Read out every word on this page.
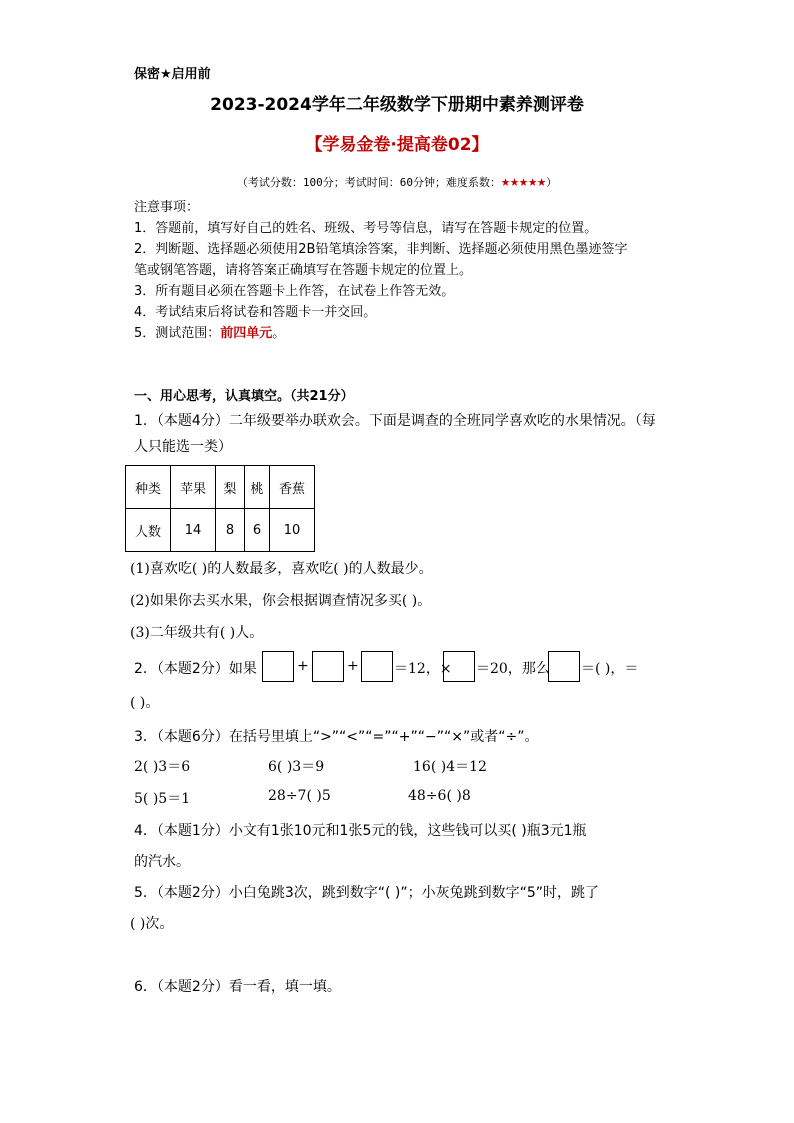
保密★启用前
2023-2024学年二年级数学下册期中素养测评卷
【学易金卷·提高卷02】
（考试分数：100分；考试时间：60分钟；难度系数：★★★★★）
注意事项：
1．答题前，填写好自己的姓名、班级、考号等信息，请写在答题卡规定的位置。
2．判断题、选择题必须使用2B铅笔填涂答案，非判断、选择题必须使用黑色墨迹签字
笔或钢笔答题，请将答案正确填写在答题卡规定的位置上。
3．所有题目必须在答题卡上作答，在试卷上作答无效。
4．考试结束后将试卷和答题卡一并交回。
5．测试范围：前四单元。
一、用心思考，认真填空。（共21分）
1．（本题4分）二年级要举办联欢会。下面是调查的全班同学喜欢吃的水果情况。（每
人只能选一类）
种类	苹果	梨	桃	香蕉
人数	14	8	6	10
(1)喜欢吃( )的人数最多，喜欢吃( )的人数最少。
(2)如果你去买水果，你会根据调查情况多买( )。
(3)二年级共有( )人。
2．（本题2分）如果	+	+	＝12，× ＝20，那么 ＝( )，＝
( )。
3．（本题6分）在括号里填上“>”“<”“=”“+”“−”“×”或者“÷”。
2( )3＝6	6( )3＝9	16( )4＝12
5( )5＝1	28÷7( )5	48÷6( )8
4．（本题1分）小文有1张10元和1张5元的钱，这些钱可以买( )瓶3元1瓶
的汽水。
5．（本题2分）小白兔跳3次，跳到数字“( )”；小灰兔跳到数字“5”时，跳了
( )次。
6．（本题2分）看一看，填一填。
